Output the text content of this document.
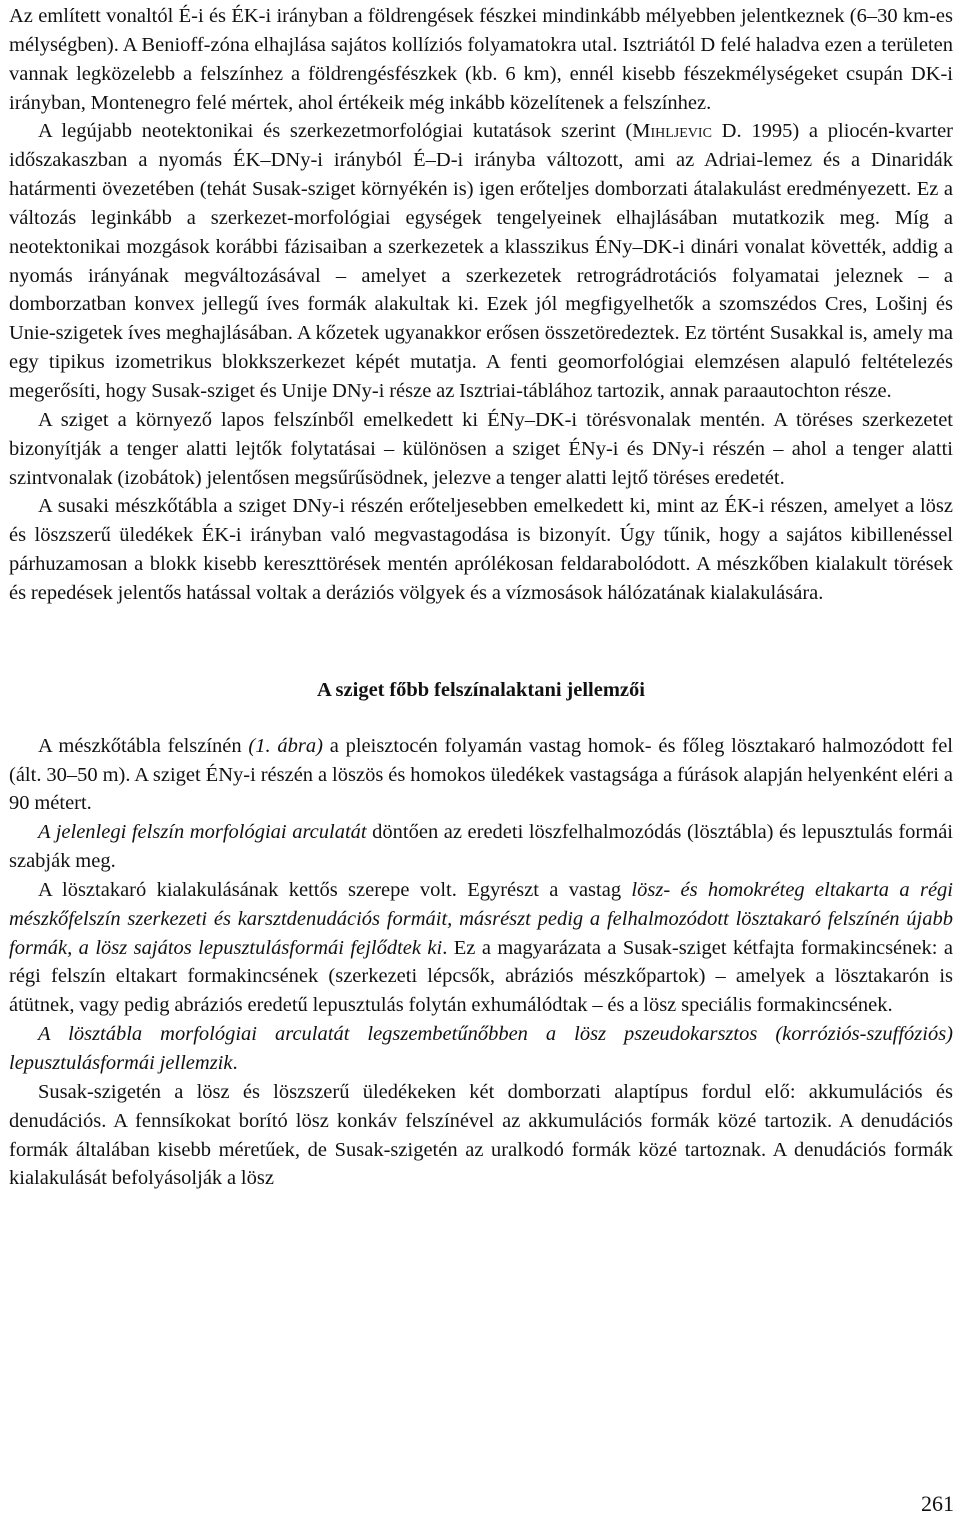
Az említett vonaltól É-i és ÉK-i irányban a földrengések fészkei mindinkább mélyebben jelentkeznek (6–30 km-es mélységben). A Benioff-zóna elhajlása sajátos kollíziós folyamatokra utal. Isztriától D felé haladva ezen a területen vannak legközelebb a felszínhez a földrengésfészkek (kb. 6 km), ennél kisebb fészekmélységeket csupán DK-i irányban, Montenegro felé mértek, ahol értékeik még inkább közelítenek a felszínhez.

A legújabb neotektonikai és szerkezetmorfológiai kutatások szerint (Mihljevic D. 1995) a pliocén-kvarter időszakaszban a nyomás ÉK–DNy-i irányból É–D-i irányba változott, ami az Adriai-lemez és a Dinaridák határmenti övezetében (tehát Susak-sziget környékén is) igen erőteljes domborzati átalakulást eredményezett. Ez a változás leginkább a szerkezet-morfológiai egységek tengelyeinek elhajlásában mutatkozik meg. Míg a neotektonikai mozgások korábbi fázisaiban a szerkezetek a klasszikus ÉNy–DK-i dinári vonalat követték, addig a nyomás irányának megváltozásával – amelyet a szerkezetek retrográdrotációs folyamatai jeleznek – a domborzatban konvex jellegű íves formák alakultak ki. Ezek jól megfigyelhetők a szomszédos Cres, Lošinj és Unie-szigetek íves meghajlásában. A kőzetek ugyanakkor erősen összetöredeztek. Ez történt Susakkal is, amely ma egy tipikus izometrikus blokkszerkezet képét mutatja. A fenti geomorfológiai elemzésen alapuló feltételezés megerősíti, hogy Susak-sziget és Unije DNy-i része az Isztriai-táblához tartozik, annak paraautochton része.

A sziget a környező lapos felszínből emelkedett ki ÉNy–DK-i törésvonalak mentén. A töréses szerkezetet bizonyítják a tenger alatti lejtők folytatásai – különösen a sziget ÉNy-i és DNy-i részén – ahol a tenger alatti szintvonalak (izobátok) jelentősen megsűrűsödnek, jelezve a tenger alatti lejtő töréses eredetét.

A susaki mészkőtábla a sziget DNy-i részén erőteljesebben emelkedett ki, mint az ÉK-i részen, amelyet a lösz és löszszerű üledékek ÉK-i irányban való megvastagodása is bizonyít. Úgy tűnik, hogy a sajátos kibillenéssel párhuzamosan a blokk kisebb kereszttörések mentén aprólékosan feldarabolódott. A mészkőben kialakult törések és repedések jelentős hatással voltak a deráziós völgyek és a vízmosások hálózatának kialakulására.

A sziget főbb felszínalaktani jellemzői

A mészkőtábla felszínén (1. ábra) a pleisztocén folyamán vastag homok- és főleg lösztakaró halmozódott fel (ált. 30–50 m). A sziget ÉNy-i részén a löszös és homokos üledékek vastagsága a fúrások alapján helyenként eléri a 90 métert.

A jelenlegi felszín morfológiai arculatát döntően az eredeti löszfelhalmozódás (lösztábla) és lepusztulás formái szabják meg.

A lösztakaró kialakulásának kettős szerepe volt. Egyrészt a vastag lösz- és homokréteg eltakarta a régi mészkőfelszín szerkezeti és karsztdenudációs formáit, másrészt pedig a felhalmozódott lösztakaró felszínén újabb formák, a lösz sajátos lepusztulásformái fejlődtek ki. Ez a magyarázata a Susak-sziget kétfajta formakincsének: a régi felszín eltakart formakincsének (szerkezeti lépcsők, abráziós mészkőpartok) – amelyek a lösztakarón is átütnek, vagy pedig abráziós eredetű lepusztulás folytán exhumálódtak – és a lösz speciális formakincsének.

A lösztábla morfológiai arculatát legszembetűnőbben a lösz pszeudokarsztos (korróziós-szuffóziós) lepusztulásformái jellemzik.

Susak-szigetén a lösz és löszszerű üledékeken két domborzati alaptípus fordul elő: akkumulációs és denudációs. A fennsíkokat borító lösz konkáv felszínével az akkumulációs formák közé tartozik. A denudációs formák általában kisebb méretűek, de Susak-szigetén az uralkodó formák közé tartoznak. A denudációs formák kialakulását befolyásolják a lösz

261
